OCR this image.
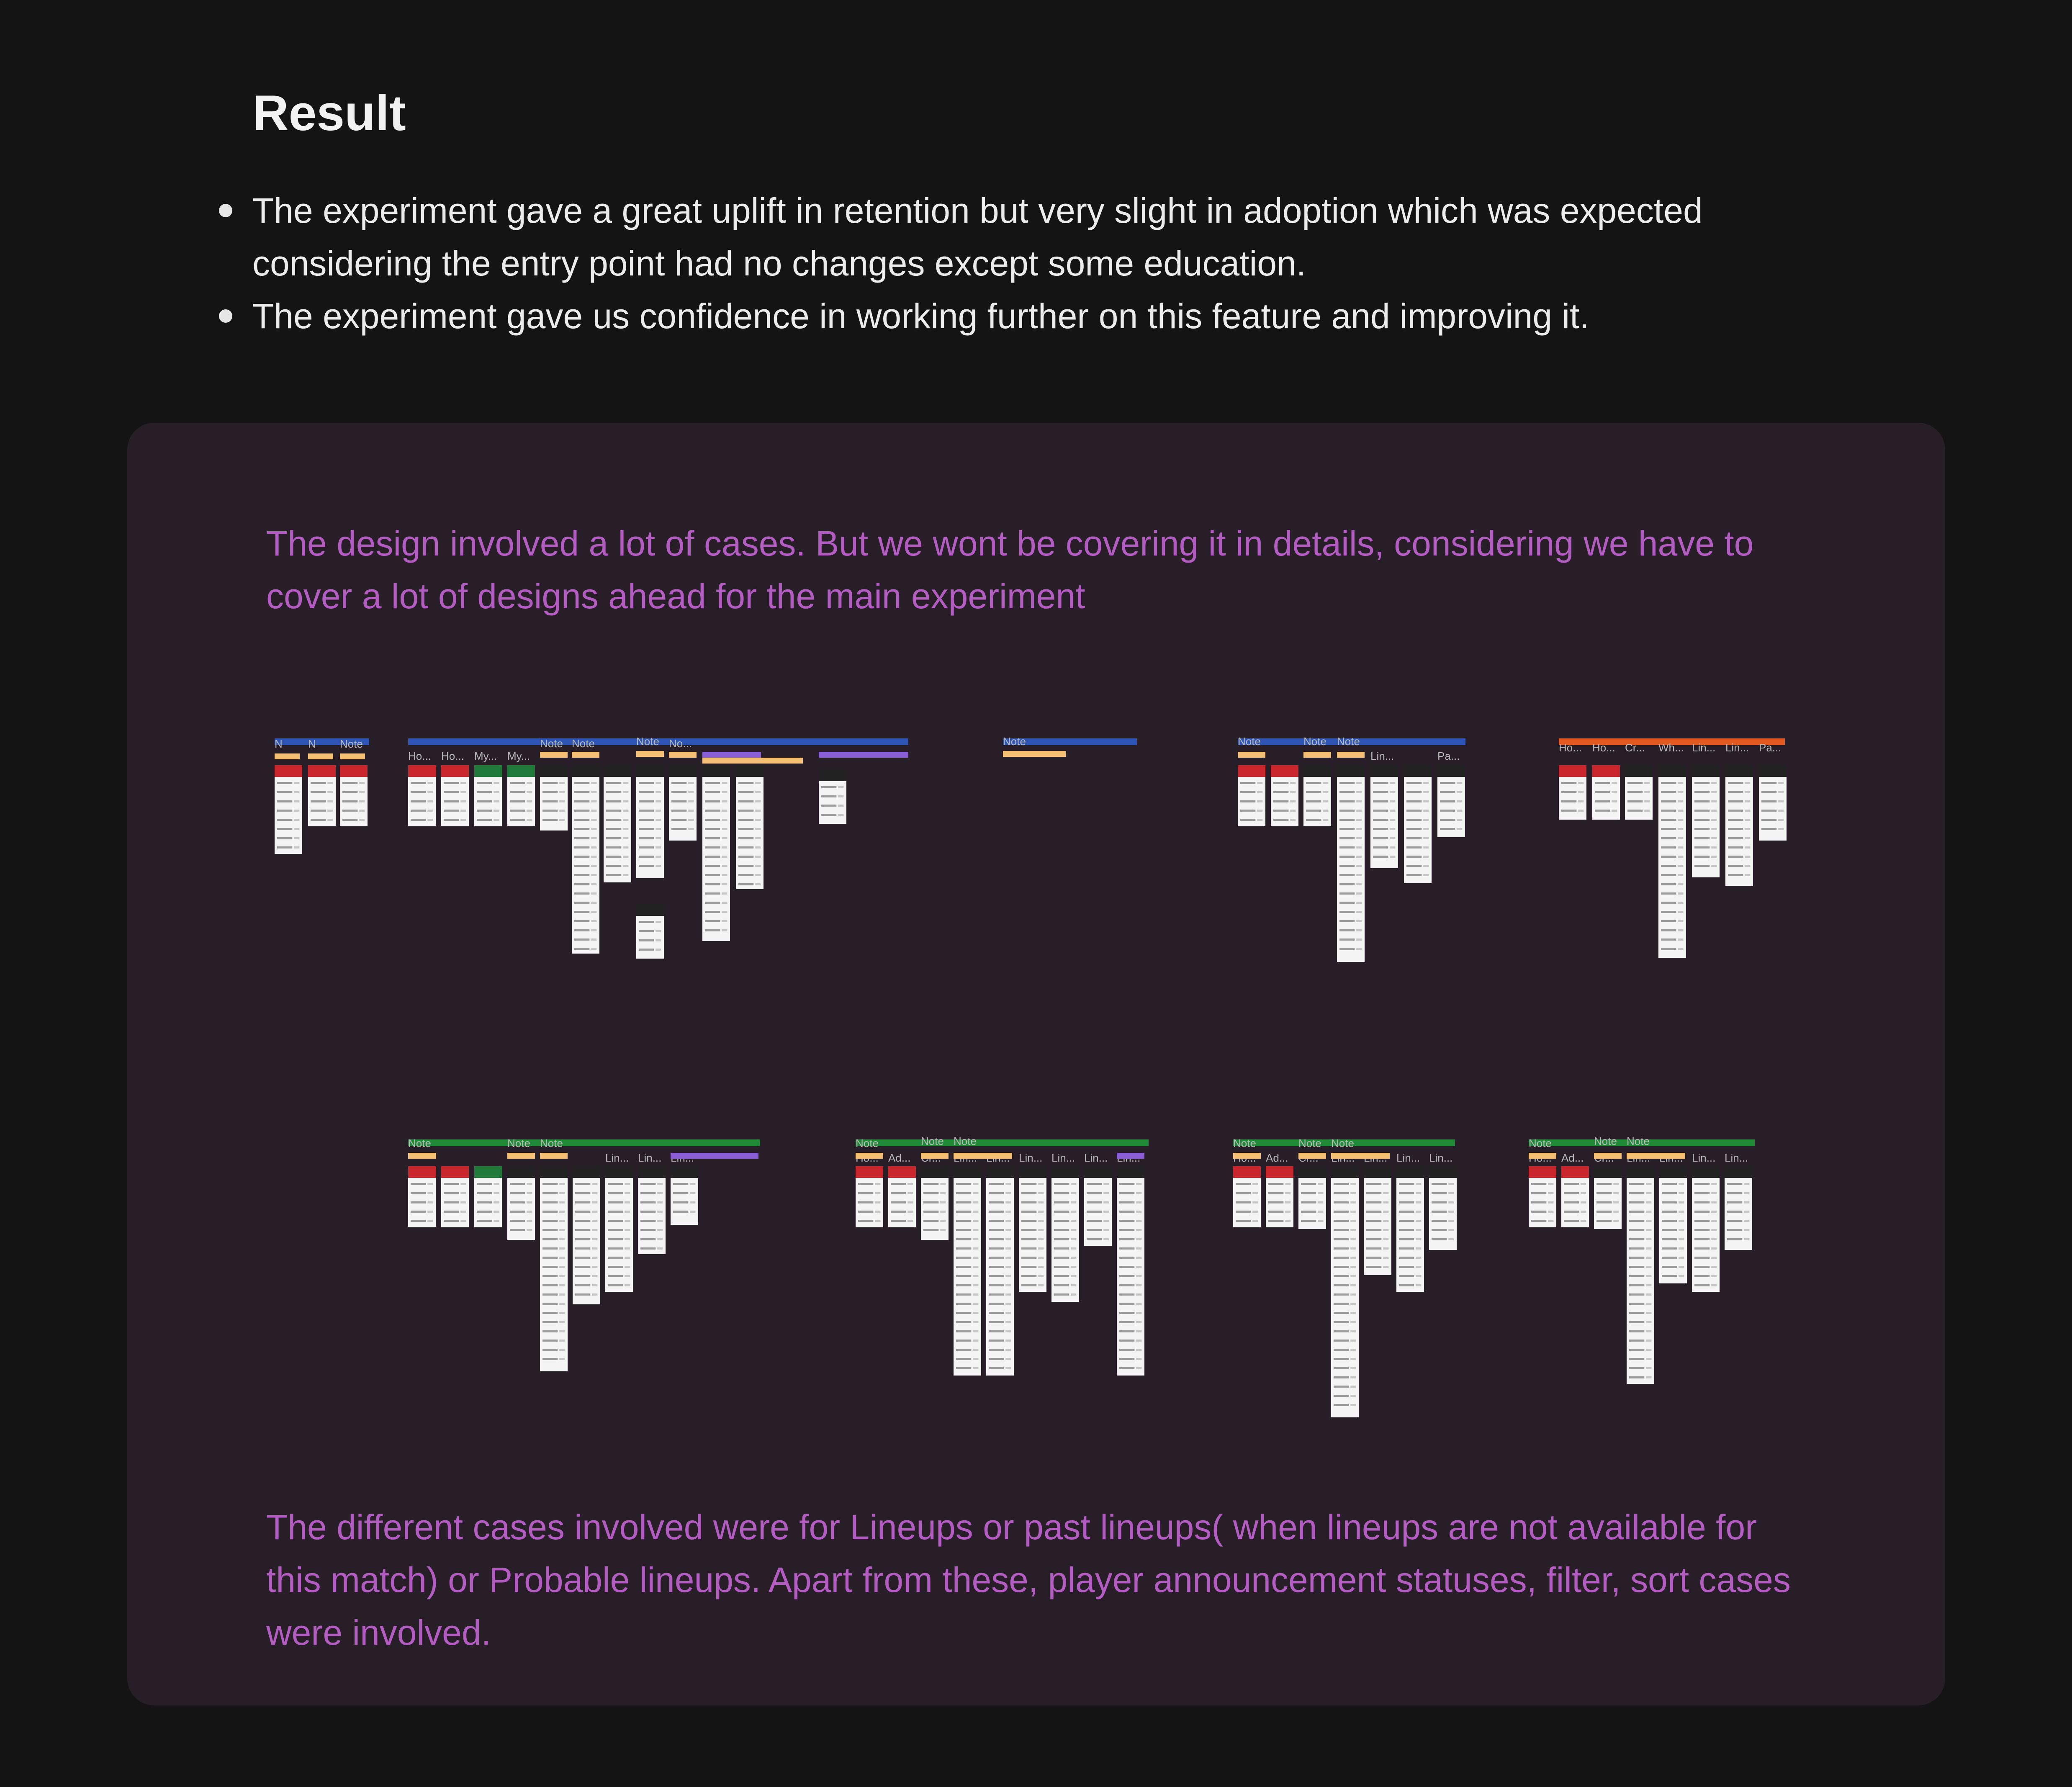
Result
The experiment gave a great uplift in retention but very slight in adoption which was expected considering the entry point had no changes except some education.
The experiment gave us confidence in working further on this feature and improving it.

The design involved a lot of cases. But we wont be covering it in details, considering we have to cover a lot of designs ahead for the main experiment

N N Note
Ho... Ho... My... My...
Note Note	Note No...	Note	Note	Note Note
Lin...	Pa...
Ho... Ho... Cr... Wh... Lin... Lin... Pa...
Note	Note Note
Lin... Lin...
Note	Note Note
Ad...	Lin... Lin... Lin...
Note	Note Note
Ad...	Lin... Lin...
Note	Note Note
Ad...	Lin... Lin...

The different cases involved were for Lineups or past lineups( when lineups are not available for this match) or Probable lineups. Apart from these, player announcement statuses, filter, sort cases were involved.
